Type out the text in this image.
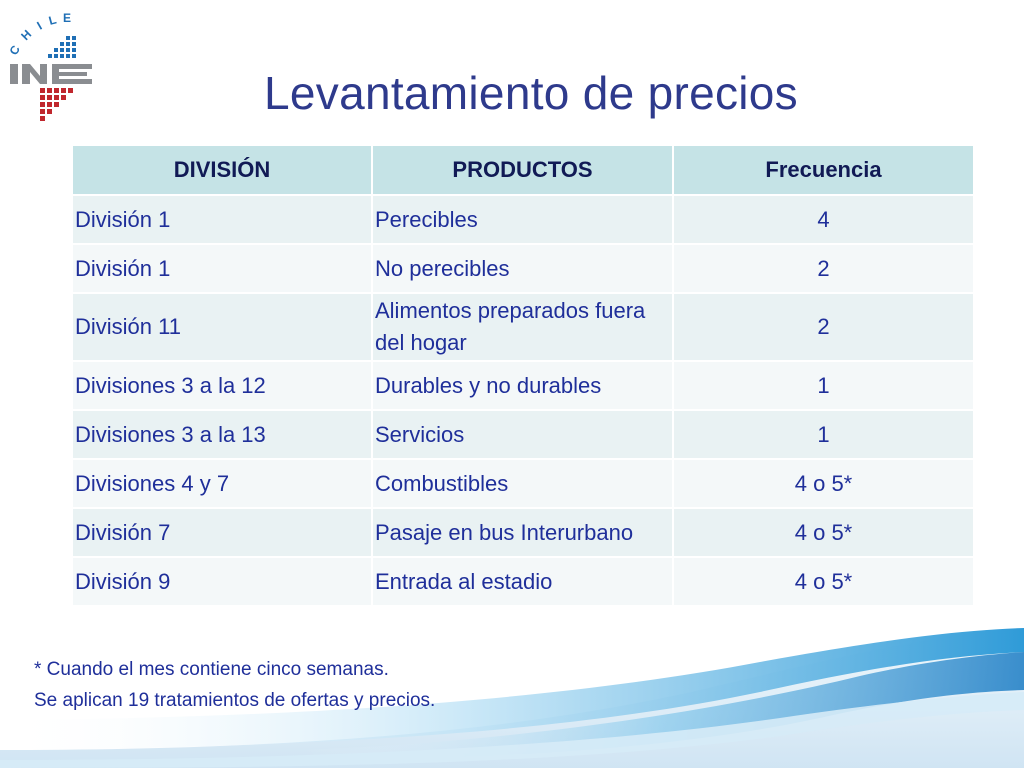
C
H
I L E
Levantamiento de precios
DIVISIÓN	PRODUCTOS	Frecuencia
División 1	Perecibles	4
División 1	No perecibles	2
División 11	Alimentos preparados fuera del hogar	2
Divisiones 3 a la 12	Durables y no durables	1
Divisiones 3 a la 13	Servicios	1
Divisiones 4 y 7	Combustibles	4 o 5*
División 7	Pasaje en bus Interurbano	4 o 5*
División 9	Entrada al estadio	4 o 5*

* Cuando el mes contiene cinco semanas.

Se aplican 19 tratamientos de ofertas y precios.
